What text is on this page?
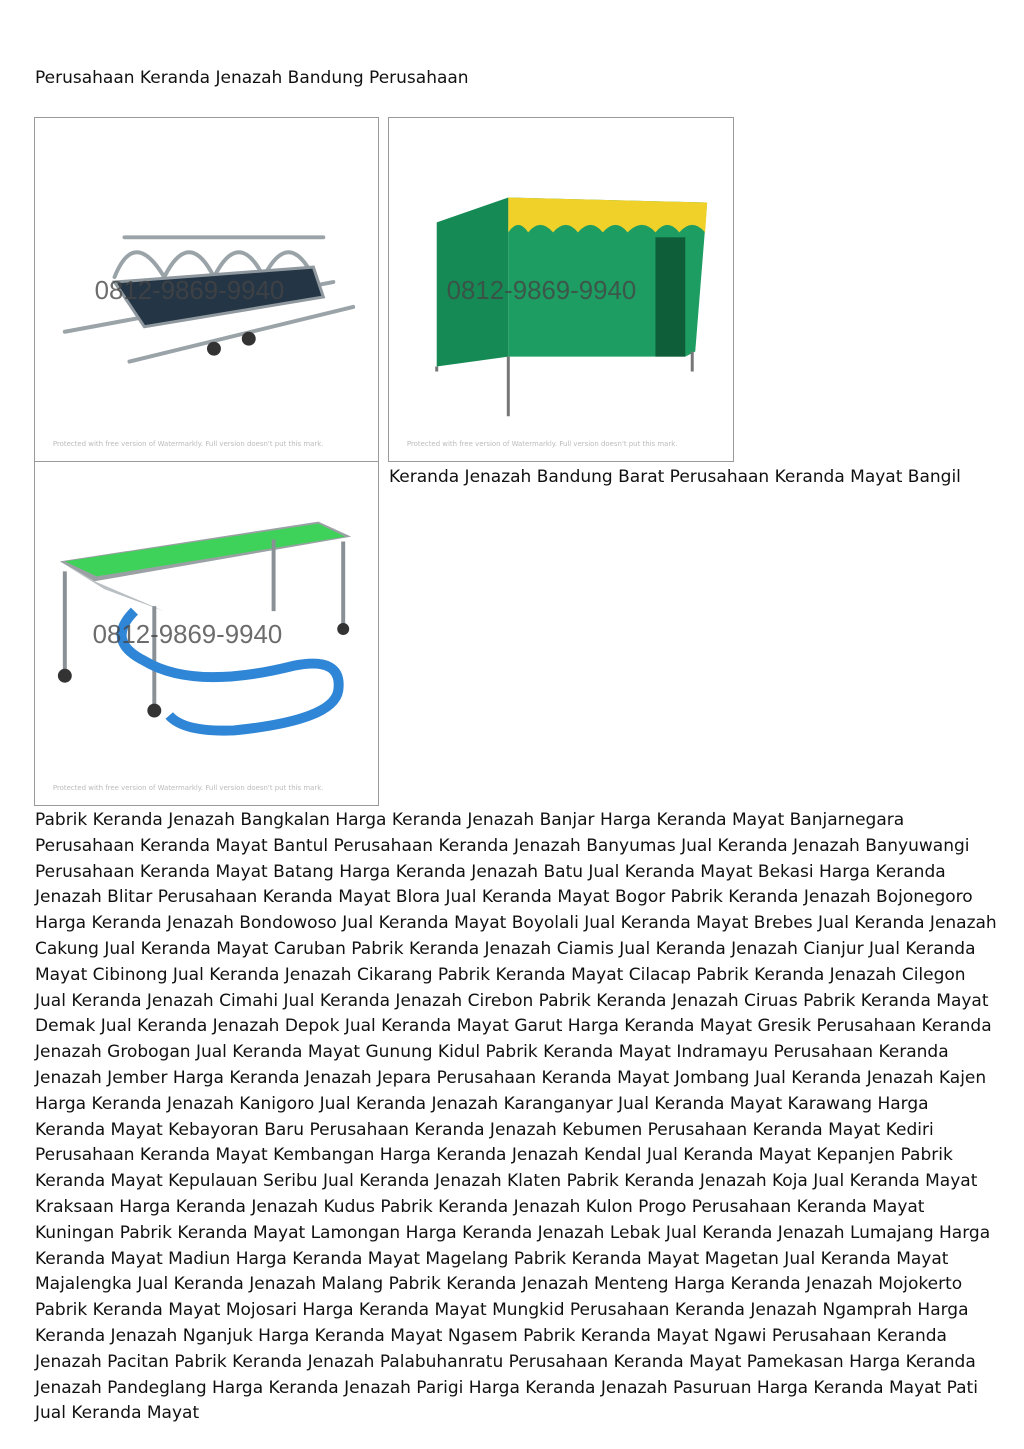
Perusahaan Keranda Jenazah Bandung Perusahaan

0812-9869-9940
Protected with free version of Watermarkly. Full version doesn't put this mark.
0812-9869-9940
Protected with free version of Watermarkly. Full version doesn't put this mark.
0812-9869-9940
Protected with free version of Watermarkly. Full version doesn't put this mark.

Keranda Jenazah Bandung Barat Perusahaan Keranda Mayat Bangil

Pabrik Keranda Jenazah Bangkalan Harga Keranda Jenazah Banjar Harga Keranda Mayat Banjarnegara Perusahaan Keranda Mayat Bantul Perusahaan Keranda Jenazah Banyumas Jual Keranda Jenazah Banyuwangi Perusahaan Keranda Mayat Batang Harga Keranda Jenazah Batu Jual Keranda Mayat Bekasi Harga Keranda Jenazah Blitar Perusahaan Keranda Mayat Blora Jual Keranda Mayat Bogor Pabrik Keranda Jenazah Bojonegoro Harga Keranda Jenazah Bondowoso Jual Keranda Mayat Boyolali Jual Keranda Mayat Brebes Jual Keranda Jenazah Cakung Jual Keranda Mayat Caruban Pabrik Keranda Jenazah Ciamis Jual Keranda Jenazah Cianjur Jual Keranda Mayat Cibinong Jual Keranda Jenazah Cikarang Pabrik Keranda Mayat Cilacap Pabrik Keranda Jenazah Cilegon Jual Keranda Jenazah Cimahi Jual Keranda Jenazah Cirebon Pabrik Keranda Jenazah Ciruas Pabrik Keranda Mayat Demak Jual Keranda Jenazah Depok Jual Keranda Mayat Garut Harga Keranda Mayat Gresik Perusahaan Keranda Jenazah Grobogan Jual Keranda Mayat Gunung Kidul Pabrik Keranda Mayat Indramayu Perusahaan Keranda Jenazah Jember Harga Keranda Jenazah Jepara Perusahaan Keranda Mayat Jombang Jual Keranda Jenazah Kajen Harga Keranda Jenazah Kanigoro Jual Keranda Jenazah Karanganyar Jual Keranda Mayat Karawang Harga Keranda Mayat Kebayoran Baru Perusahaan Keranda Jenazah Kebumen Perusahaan Keranda Mayat Kediri Perusahaan Keranda Mayat Kembangan Harga Keranda Jenazah Kendal Jual Keranda Mayat Kepanjen Pabrik Keranda Mayat Kepulauan Seribu Jual Keranda Jenazah Klaten Pabrik Keranda Jenazah Koja Jual Keranda Mayat Kraksaan Harga Keranda Jenazah Kudus Pabrik Keranda Jenazah Kulon Progo Perusahaan Keranda Mayat Kuningan Pabrik Keranda Mayat Lamongan Harga Keranda Jenazah Lebak Jual Keranda Jenazah Lumajang Harga Keranda Mayat Madiun Harga Keranda Mayat Magelang Pabrik Keranda Mayat Magetan Jual Keranda Mayat Majalengka Jual Keranda Jenazah Malang Pabrik Keranda Jenazah Menteng Harga Keranda Jenazah Mojokerto Pabrik Keranda Mayat Mojosari Harga Keranda Mayat Mungkid Perusahaan Keranda Jenazah Ngamprah Harga Keranda Jenazah Nganjuk Harga Keranda Mayat Ngasem Pabrik Keranda Mayat Ngawi Perusahaan Keranda Jenazah Pacitan Pabrik Keranda Jenazah Palabuhanratu Perusahaan Keranda Mayat Pamekasan Harga Keranda Jenazah Pandeglang Harga Keranda Jenazah Parigi Harga Keranda Jenazah Pasuruan Harga Keranda Mayat Pati Jual Keranda Mayat
